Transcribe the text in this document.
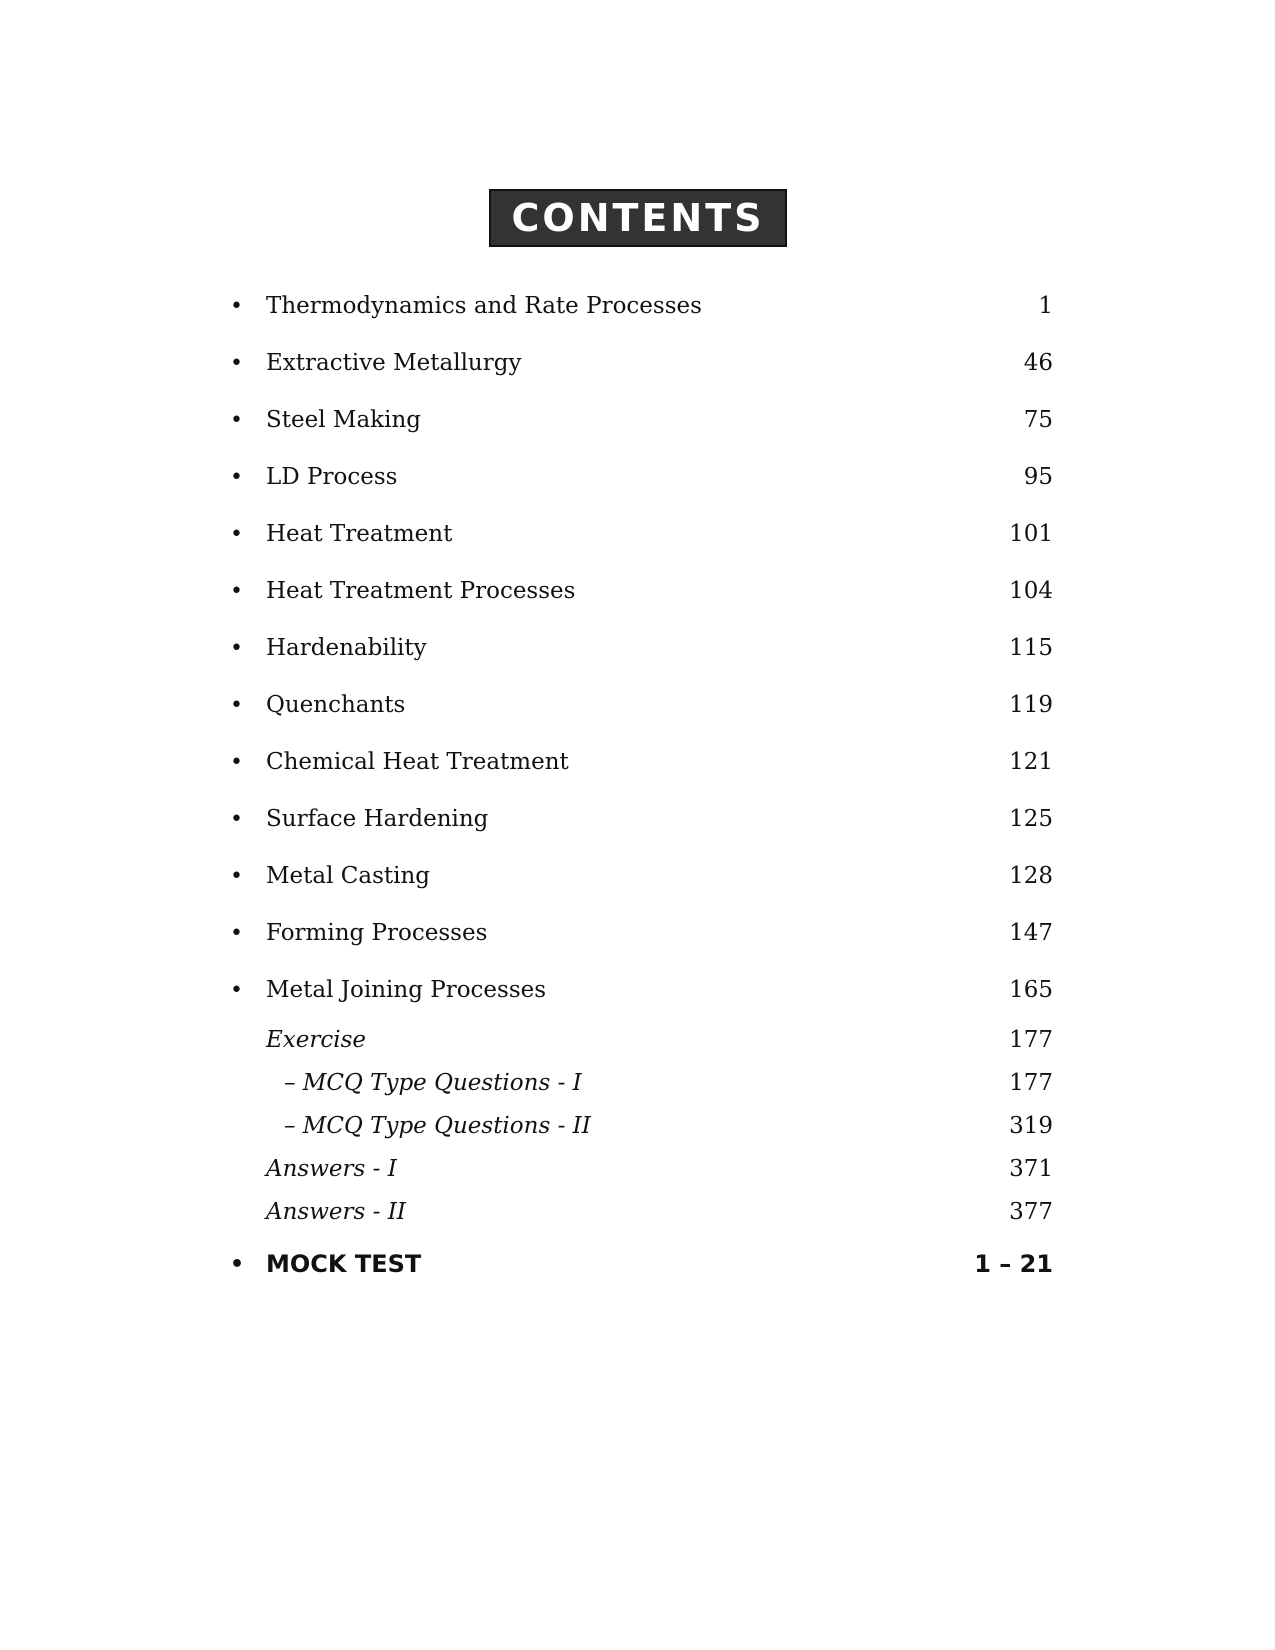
CONTENTS
• Thermodynamics and Rate Processes	1
• Extractive Metallurgy	46
• Steel Making	75
• LD Process	95
• Heat Treatment	101
• Heat Treatment Processes	104
• Hardenability	115
• Quenchants	119
• Chemical Heat Treatment	121
• Surface Hardening	125
• Metal Casting	128
• Forming Processes	147
• Metal Joining Processes	165
Exercise	177
– MCQ Type Questions - I	177
– MCQ Type Questions - II	319
Answers - I	371
Answers - II	377
• MOCK TEST	1 – 21
